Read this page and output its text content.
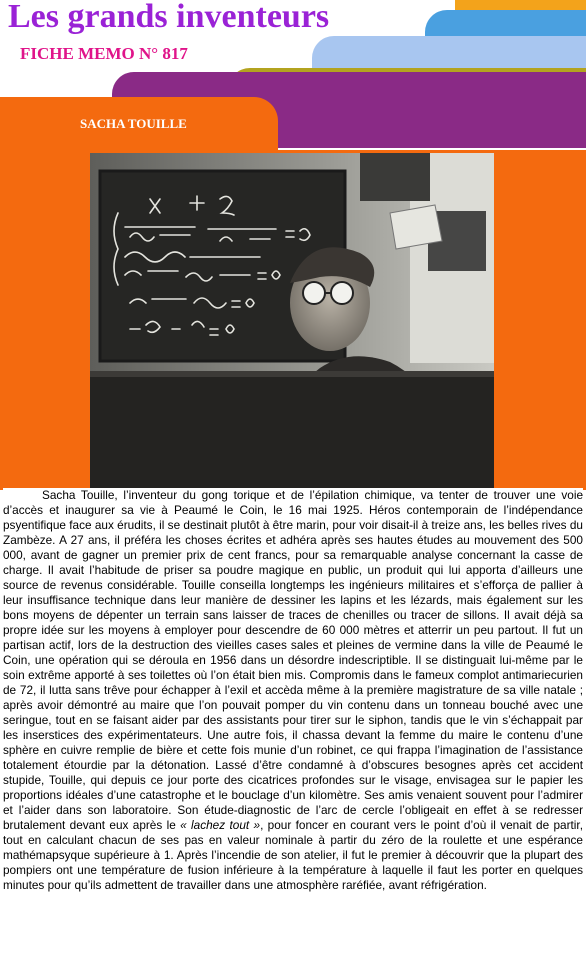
Les grands inventeurs
FICHE MEMO N° 817
SACHA TOUILLE

Sacha Touille, l’inventeur du gong torique et de l’épilation chimique, va tenter de trouver une voie d’accès et inaugurer sa vie à Peaumé le Coin, le 16 mai 1925. Héros contemporain de l’indépendance psyentifique face aux érudits, il se destinait plutôt à être marin, pour voir disait-il à treize ans, les belles rives du Zambèze. A 27 ans, il préféra les choses écrites et adhéra après ses hautes études au mouvement des 500 000, avant de gagner un premier prix de cent francs, pour sa remarquable analyse concernant la casse de charge. Il avait l’habitude de priser sa poudre magique en public, un produit qui lui apporta d’ailleurs une source de revenus considérable. Touille conseilla longtemps les ingénieurs militaires et s’efforça de pallier à leur insuffisance technique dans leur manière de dessiner les lapins et les lézards, mais également sur les bons moyens de dépenter un terrain sans laisser de traces de chenilles ou tracer de sillons. Il avait déjà sa propre idée sur les moyens à employer pour descendre de 60 000 mètres et atterrir un peu partout. Il fut un partisan actif, lors de la destruction des vieilles cases sales et pleines de vermine dans la ville de Peaumé le Coin, une opération qui se déroula en 1956 dans un désordre indescriptible. Il se distinguait lui-même par le soin extrême apporté à ses toilettes où l’on était bien mis. Compromis dans le fameux complot antimariecurien de 72, il lutta sans trêve pour échapper à l’exil et accèda même à la première magistrature de sa ville natale ; après avoir démontré au maire que l’on pouvait pomper du vin contenu dans un tonneau bouché avec une seringue, tout en se faisant aider par des assistants pour tirer sur le siphon, tandis que le vin s’échappait par les inserstices des expérimentateurs. Une autre fois, il chassa devant la femme du maire le contenu d’une sphère en cuivre remplie de bière et cette fois munie d’un robinet, ce qui frappa l’imagination de l’assistance totalement étourdie par la détonation. Lassé d’être condamné à d’obscures besognes après cet accident stupide, Touille, qui depuis ce jour porte des cicatrices profondes sur le visage, envisagea sur le papier les proportions idéales d’une catastrophe et le bouclage d’un kilomètre. Ses amis venaient souvent pour l’admirer et l’aider dans son laboratoire. Son étude-diagnostic de l’arc de cercle l’obligeait en effet à se redresser brutalement devant eux après le « lachez tout », pour foncer en courant vers le point d’où il venait de partir, tout en calculant chacun de ses pas en valeur nominale à partir du zéro de la roulette et une espérance mathémapsyque supérieure à 1. Après l’incendie de son atelier, il fut le premier à découvrir que la plupart des pompiers ont une température de fusion inférieure à la température à laquelle il faut les porter en quelques minutes pour qu’ils admettent de travailler dans une atmosphère raréfiée, avant réfrigération.
